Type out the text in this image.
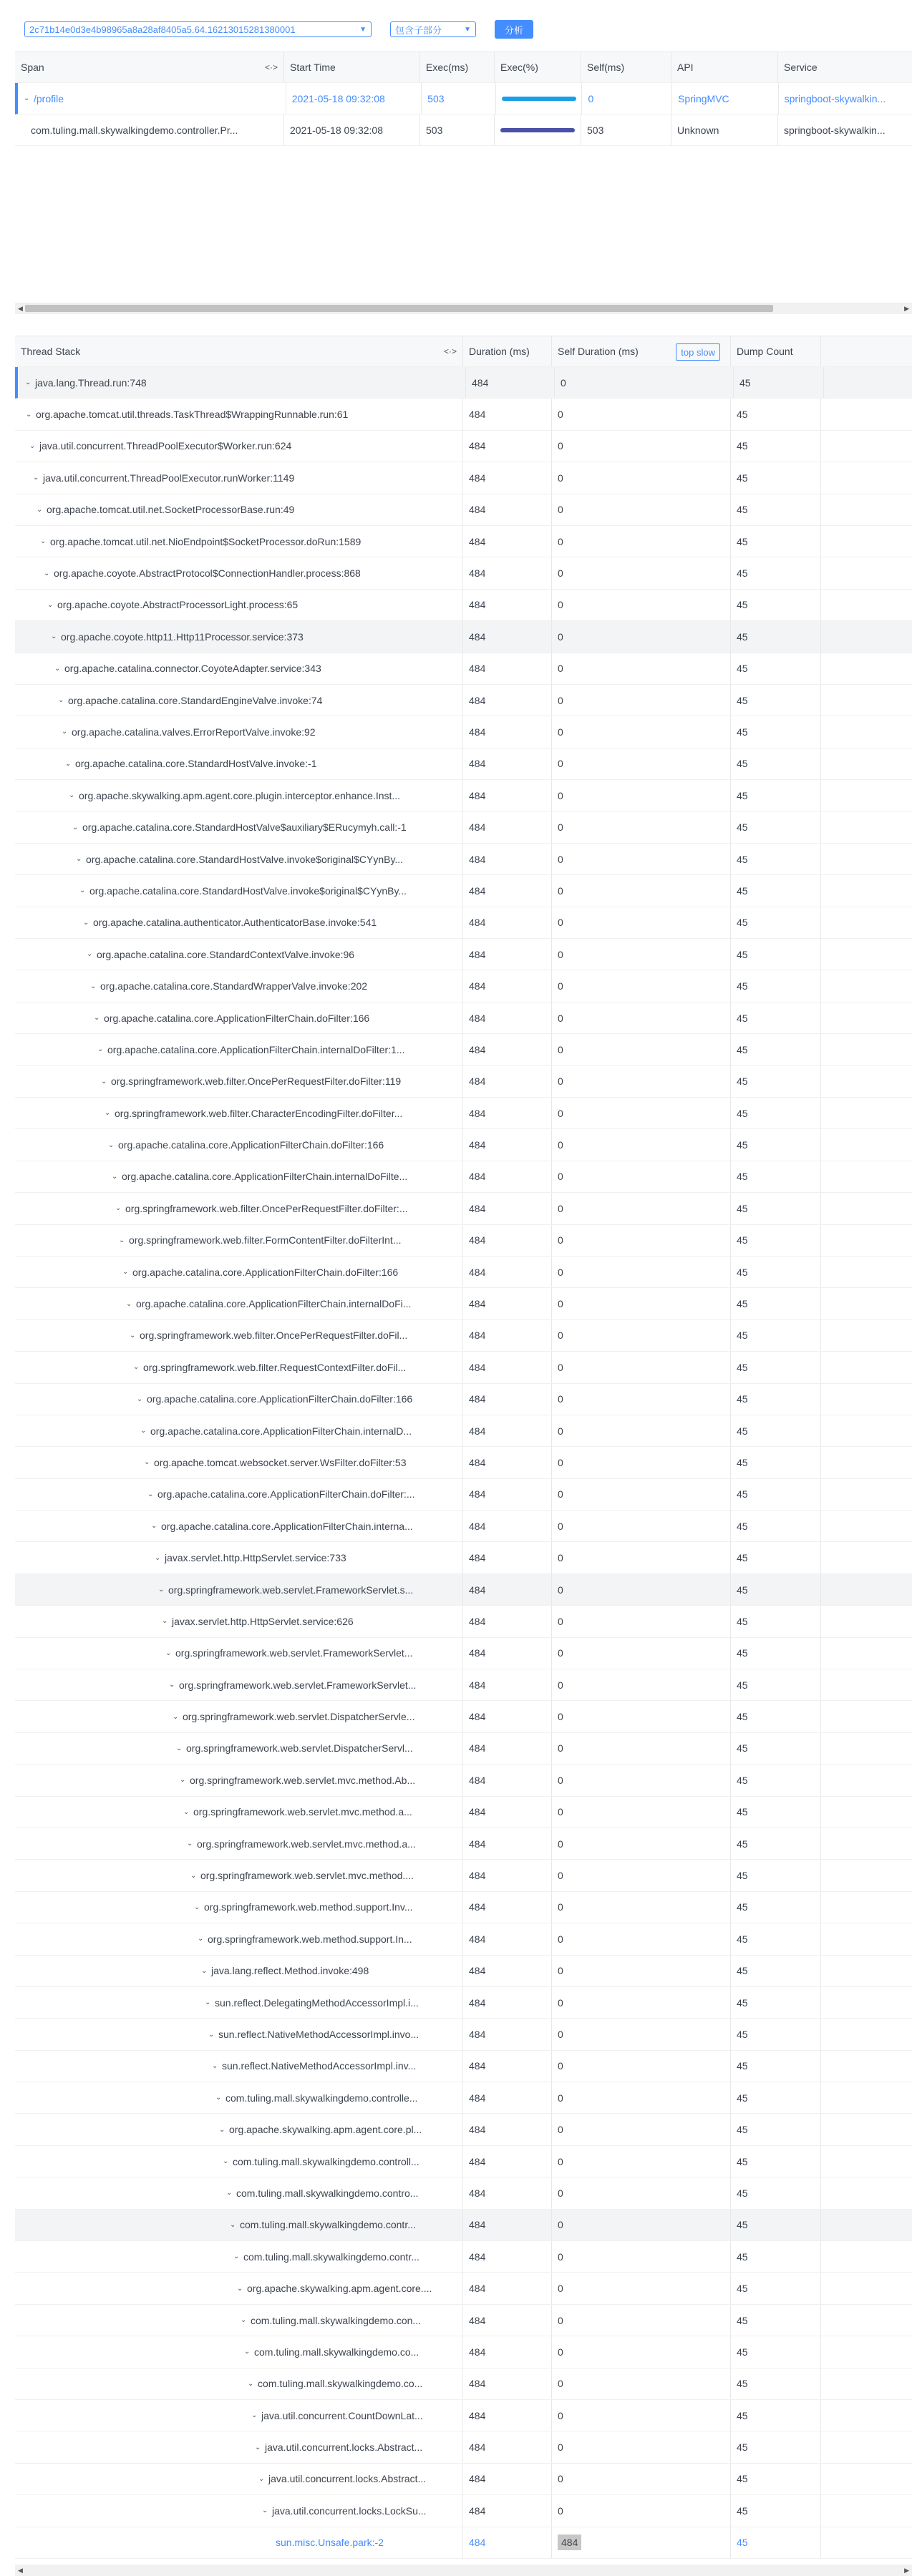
2c71b14e0d3e4b98965a8a28af8405a5.64.16213015281380001	▼	包含子部分	▼	分析
Span	<·>	Start Time	Exec(ms)	Exec(%)	Self(ms)	API	Service
⌄ /profile	2021-05-18 09:32:08	503	0	SpringMVC	springboot-skywalkin...
com.tuling.mall.skywalkingdemo.controller.Pr...	2021-05-18 09:32:08	503	503	Unknown	springboot-skywalkin...
◀	▶
Thread Stack	<·>	Duration (ms)	Self Duration (ms)	top slow	Dump Count
⌄ java.lang.Thread.run:748	484	0	45
⌄ org.apache.tomcat.util.threads.TaskThread$WrappingRunnable.run:61	484	0	45
⌄ java.util.concurrent.ThreadPoolExecutor$Worker.run:624	484	0	45
⌄ java.util.concurrent.ThreadPoolExecutor.runWorker:1149	484	0	45
⌄ org.apache.tomcat.util.net.SocketProcessorBase.run:49	484	0	45
⌄ org.apache.tomcat.util.net.NioEndpoint$SocketProcessor.doRun:1589	484	0	45
⌄ org.apache.coyote.AbstractProtocol$ConnectionHandler.process:868	484	0	45
⌄ org.apache.coyote.AbstractProcessorLight.process:65	484	0	45
⌄ org.apache.coyote.http11.Http11Processor.service:373	484	0	45
⌄ org.apache.catalina.connector.CoyoteAdapter.service:343	484	0	45
⌄ org.apache.catalina.core.StandardEngineValve.invoke:74	484	0	45
⌄ org.apache.catalina.valves.ErrorReportValve.invoke:92	484	0	45
⌄ org.apache.catalina.core.StandardHostValve.invoke:-1	484	0	45
⌄ org.apache.skywalking.apm.agent.core.plugin.interceptor.enhance.Inst...	484	0	45
⌄ org.apache.catalina.core.StandardHostValve$auxiliary$ERucymyh.call:-1	484	0	45
⌄ org.apache.catalina.core.StandardHostValve.invoke$original$CYynBy...	484	0	45
⌄ org.apache.catalina.core.StandardHostValve.invoke$original$CYynBy...	484	0	45
⌄ org.apache.catalina.authenticator.AuthenticatorBase.invoke:541	484	0	45
⌄ org.apache.catalina.core.StandardContextValve.invoke:96	484	0	45
⌄ org.apache.catalina.core.StandardWrapperValve.invoke:202	484	0	45
⌄ org.apache.catalina.core.ApplicationFilterChain.doFilter:166	484	0	45
⌄ org.apache.catalina.core.ApplicationFilterChain.internalDoFilter:1...	484	0	45
⌄ org.springframework.web.filter.OncePerRequestFilter.doFilter:119	484	0	45
⌄ org.springframework.web.filter.CharacterEncodingFilter.doFilter...	484	0	45
⌄ org.apache.catalina.core.ApplicationFilterChain.doFilter:166	484	0	45
⌄ org.apache.catalina.core.ApplicationFilterChain.internalDoFilte...	484	0	45
⌄ org.springframework.web.filter.OncePerRequestFilter.doFilter:...	484	0	45
⌄ org.springframework.web.filter.FormContentFilter.doFilterInt...	484	0	45
⌄ org.apache.catalina.core.ApplicationFilterChain.doFilter:166	484	0	45
⌄ org.apache.catalina.core.ApplicationFilterChain.internalDoFi...	484	0	45
⌄ org.springframework.web.filter.OncePerRequestFilter.doFil...	484	0	45
⌄ org.springframework.web.filter.RequestContextFilter.doFil...	484	0	45
⌄ org.apache.catalina.core.ApplicationFilterChain.doFilter:166	484	0	45
⌄ org.apache.catalina.core.ApplicationFilterChain.internalD...	484	0	45
⌄ org.apache.tomcat.websocket.server.WsFilter.doFilter:53	484	0	45
⌄ org.apache.catalina.core.ApplicationFilterChain.doFilter:...	484	0	45
⌄ org.apache.catalina.core.ApplicationFilterChain.interna...	484	0	45
⌄ javax.servlet.http.HttpServlet.service:733	484	0	45
⌄ org.springframework.web.servlet.FrameworkServlet.s...	484	0	45
⌄ javax.servlet.http.HttpServlet.service:626	484	0	45
⌄ org.springframework.web.servlet.FrameworkServlet...	484	0	45
⌄ org.springframework.web.servlet.FrameworkServlet...	484	0	45
⌄ org.springframework.web.servlet.DispatcherServle...	484	0	45
⌄ org.springframework.web.servlet.DispatcherServl...	484	0	45
⌄ org.springframework.web.servlet.mvc.method.Ab...	484	0	45
⌄ org.springframework.web.servlet.mvc.method.a...	484	0	45
⌄ org.springframework.web.servlet.mvc.method.a...	484	0	45
⌄ org.springframework.web.servlet.mvc.method....	484	0	45
⌄ org.springframework.web.method.support.Inv...	484	0	45
⌄ org.springframework.web.method.support.In...	484	0	45
⌄ java.lang.reflect.Method.invoke:498	484	0	45
⌄ sun.reflect.DelegatingMethodAccessorImpl.i...	484	0	45
⌄ sun.reflect.NativeMethodAccessorImpl.invo...	484	0	45
⌄ sun.reflect.NativeMethodAccessorImpl.inv...	484	0	45
⌄ com.tuling.mall.skywalkingdemo.controlle...	484	0	45
⌄ org.apache.skywalking.apm.agent.core.pl...	484	0	45
⌄ com.tuling.mall.skywalkingdemo.controll...	484	0	45
⌄ com.tuling.mall.skywalkingdemo.contro...	484	0	45
⌄ com.tuling.mall.skywalkingdemo.contr...	484	0	45
⌄ com.tuling.mall.skywalkingdemo.contr...	484	0	45
⌄ org.apache.skywalking.apm.agent.core....	484	0	45
⌄ com.tuling.mall.skywalkingdemo.con...	484	0	45
⌄ com.tuling.mall.skywalkingdemo.co...	484	0	45
⌄ com.tuling.mall.skywalkingdemo.co...	484	0	45
⌄ java.util.concurrent.CountDownLat...	484	0	45
⌄ java.util.concurrent.locks.Abstract...	484	0	45
⌄ java.util.concurrent.locks.Abstract...	484	0	45
⌄ java.util.concurrent.locks.LockSu...	484	0	45
sun.misc.Unsafe.park:-2	484	484	45
◀	▶
